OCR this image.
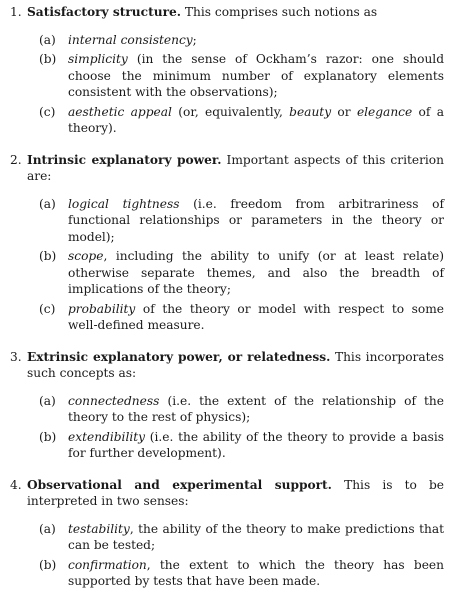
1. Satisfactory structure. This comprises such notions as
(a) internal consistency;
(b) simplicity (in the sense of Ockham’s razor: one should choose the minimum number of explanatory elements consistent with the observations);
(c) aesthetic appeal (or, equivalently, beauty or elegance of a theory).
2. Intrinsic explanatory power. Important aspects of this criterion are:
(a) logical tightness (i.e. freedom from arbitrariness of functional relationships or parameters in the theory or model);
(b) scope, including the ability to unify (or at least relate) otherwise separate themes, and also the breadth of implications of the theory;
(c) probability of the theory or model with respect to some well-defined measure.
3. Extrinsic explanatory power, or relatedness. This incorporates such concepts as:
(a) connectedness (i.e. the extent of the relationship of the theory to the rest of physics);
(b) extendibility (i.e. the ability of the theory to provide a basis for further development).
4. Observational and experimental support. This is to be interpreted in two senses:
(a) testability, the ability of the theory to make predictions that can be tested;
(b) confirmation, the extent to which the theory has been supported by tests that have been made.
